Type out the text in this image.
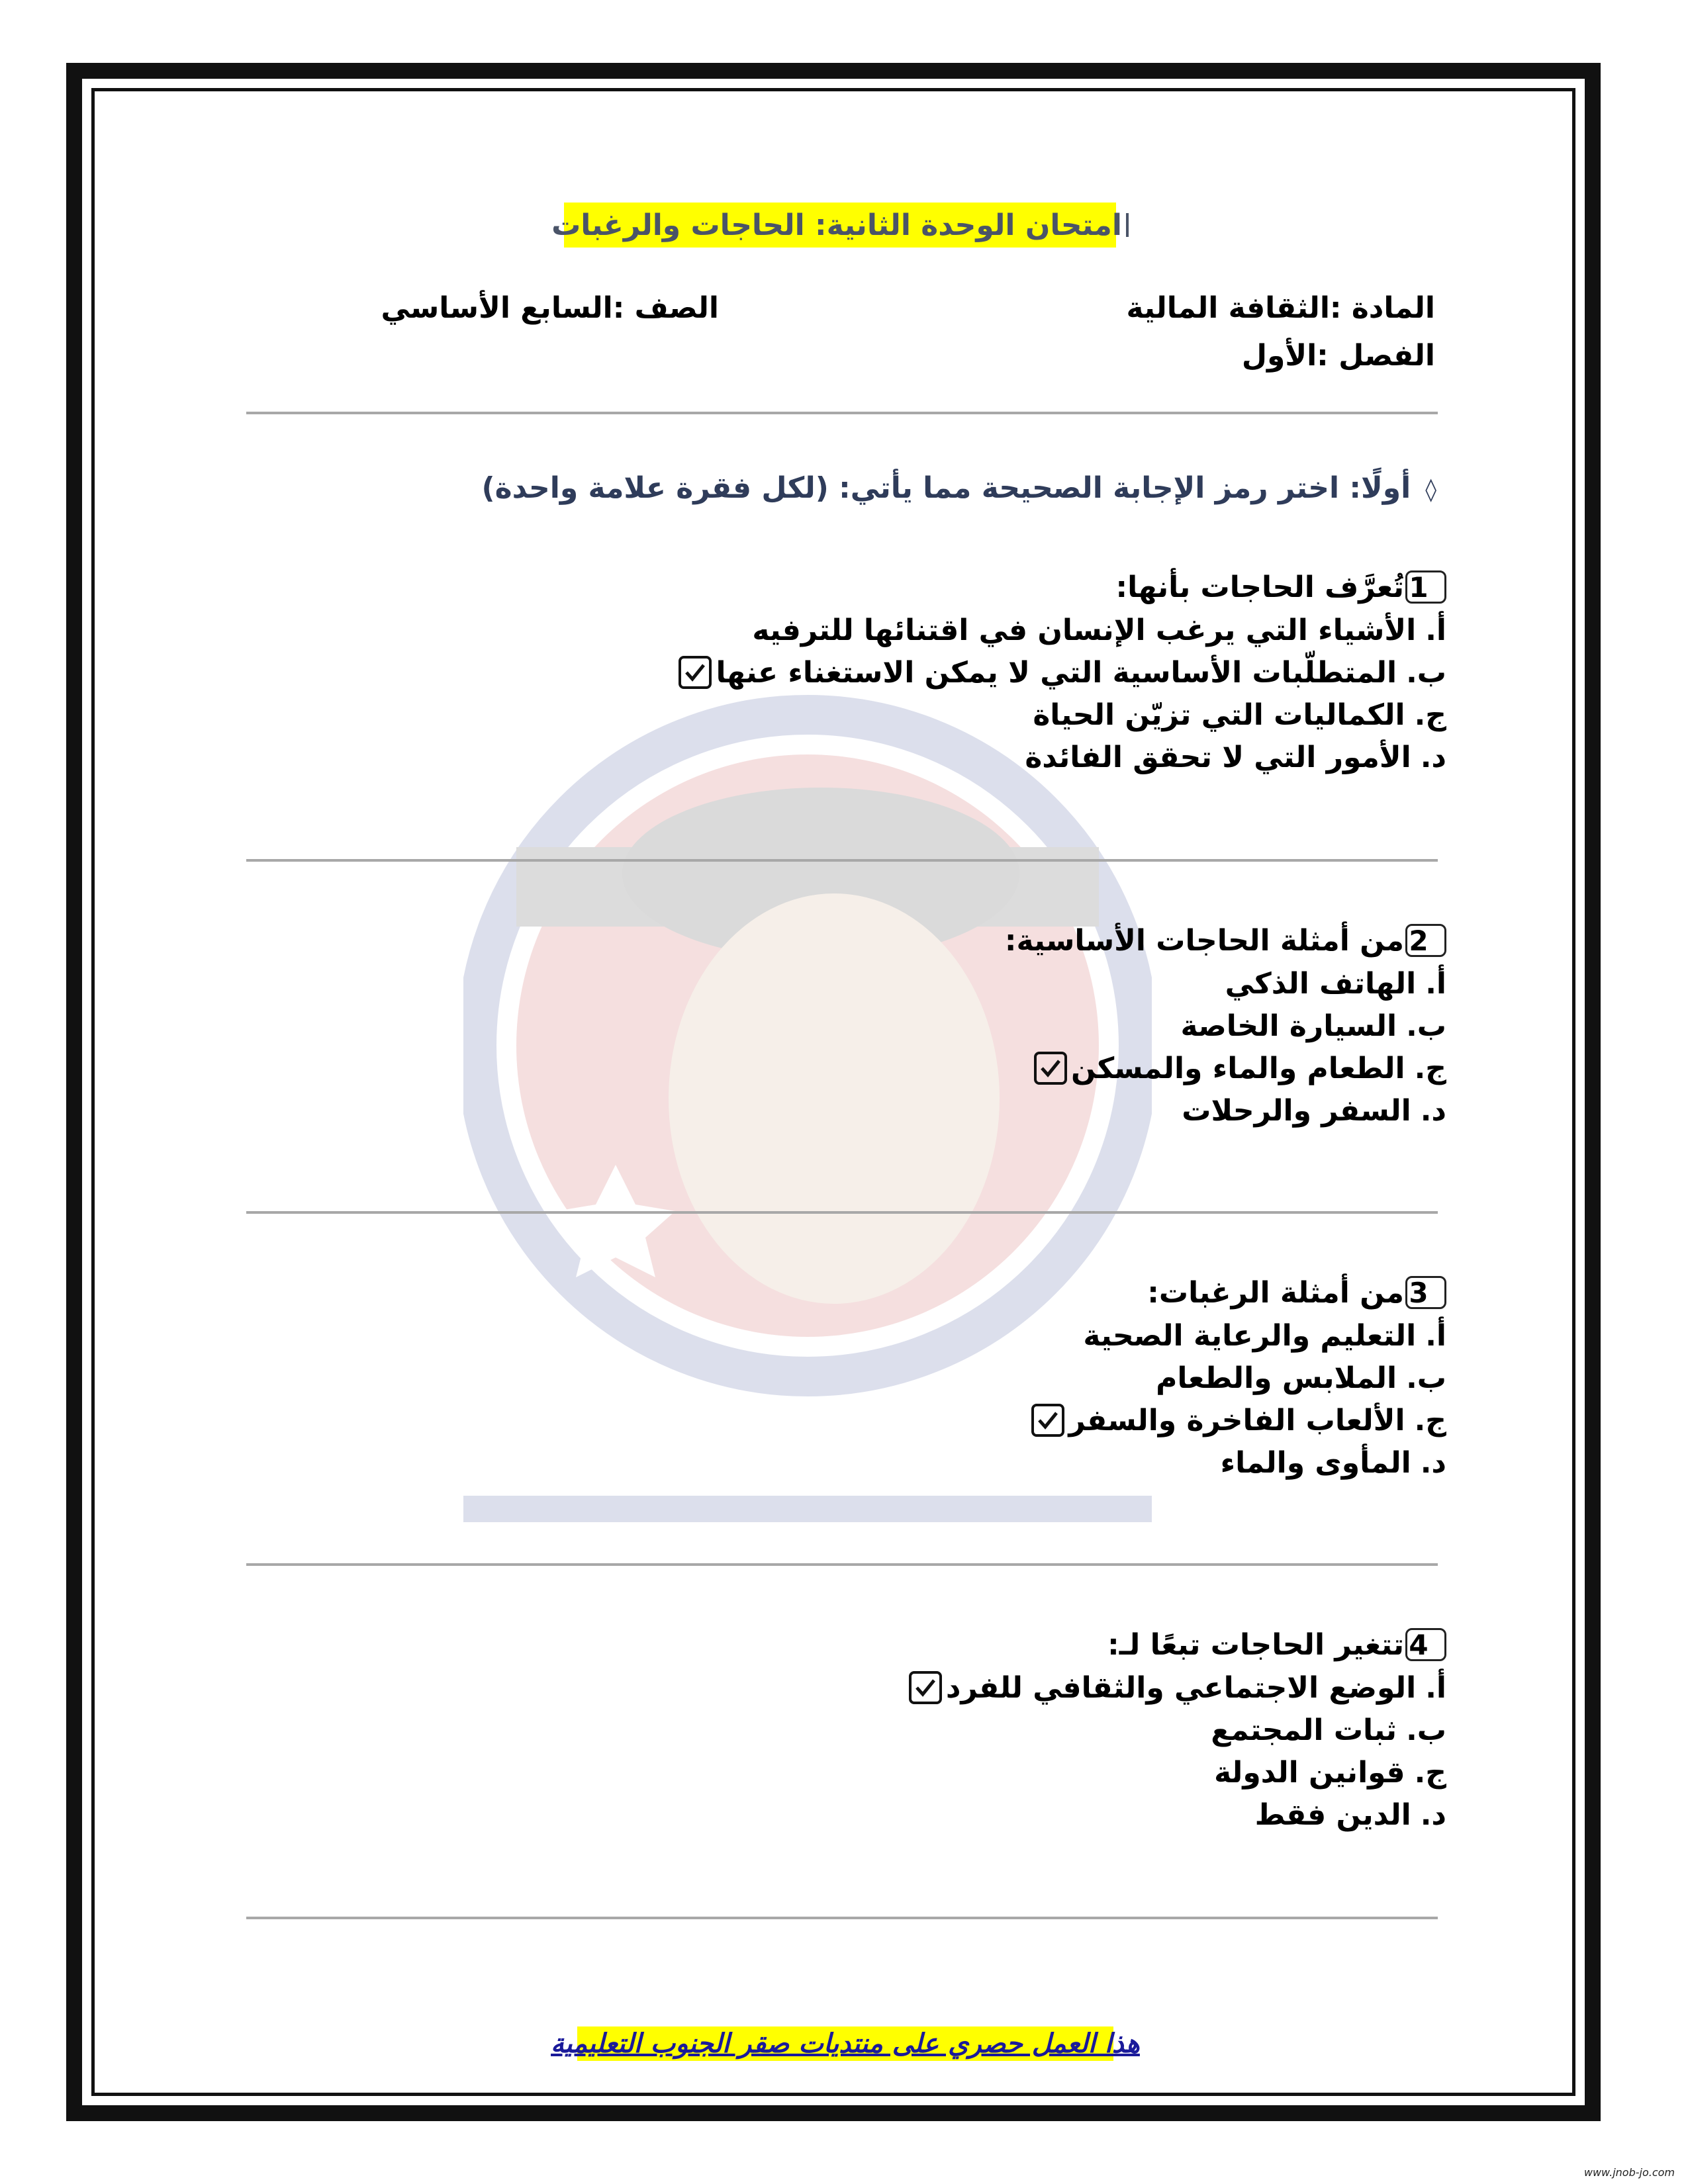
امتحان الوحدة الثانية: الحاجات والرغبات
المادة :الثقافة المالية
الصف :السابع الأساسي
الفصل :الأول
◊أولًا: اختر رمز الإجابة الصحيحة مما يأتي: (لكل فقرة علامة واحدة)
1
تُعرَّف الحاجات بأنها:
أ.
الأشياء التي يرغب الإنسان في اقتنائها للترفيه
ب.
المتطلّبات الأساسية التي لا يمكن الاستغناء عنها
ج.
الكماليات التي تزيّن الحياة
د.
الأمور التي لا تحقق الفائدة
2
من أمثلة الحاجات الأساسية:
أ.
الهاتف الذكي
ب.
السيارة الخاصة
ج.
الطعام والماء والمسكن
د.
السفر والرحلات
3
من أمثلة الرغبات:
أ.
التعليم والرعاية الصحية
ب.
الملابس والطعام
ج.
الألعاب الفاخرة والسفر
د.
المأوى والماء
4
تتغير الحاجات تبعًا لـ:
أ.
الوضع الاجتماعي والثقافي للفرد
ب.
ثبات المجتمع
ج.
قوانين الدولة
د.
الدين فقط
هذا العمل حصري على منتديات صقر الجنوب التعليمية
www.jnob-jo.com
